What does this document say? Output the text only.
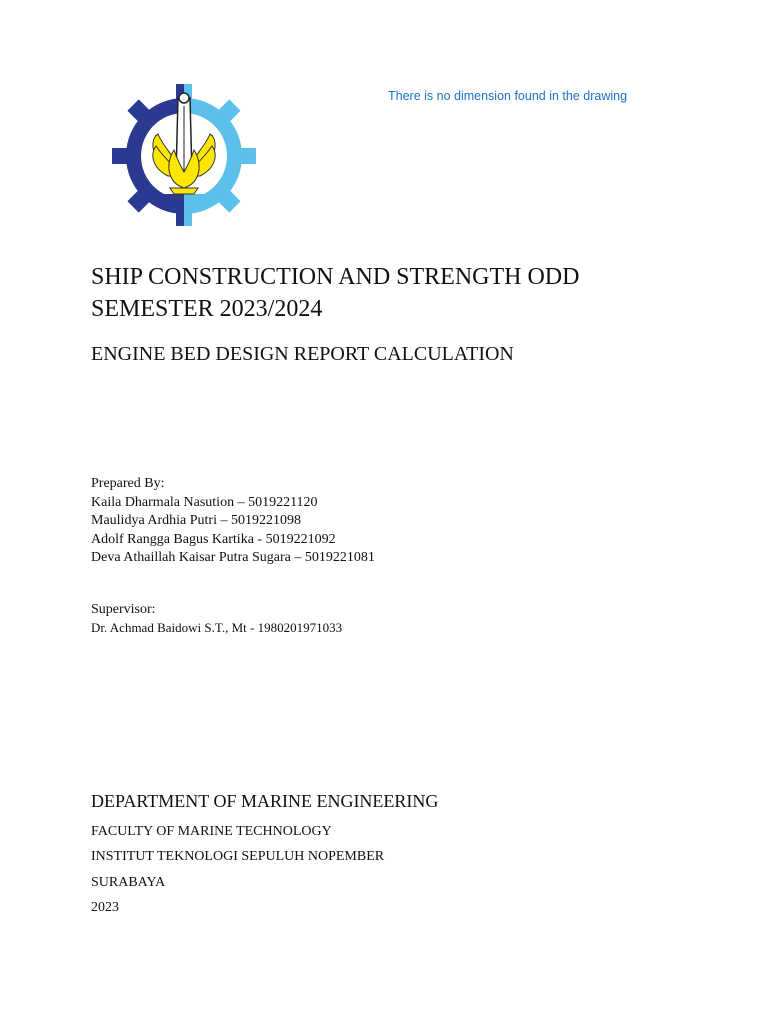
There is no dimension found in the drawing
SHIP CONSTRUCTION AND STRENGTH ODD SEMESTER 2023/2024
ENGINE BED DESIGN REPORT CALCULATION
Prepared By:
Kaila Dharmala Nasution – 5019221120
Maulidya Ardhia Putri – 5019221098
Adolf Rangga Bagus Kartika - 5019221092
Deva Athaillah Kaisar Putra Sugara – 5019221081
Supervisor:
Dr. Achmad Baidowi S.T., Mt - 1980201971033
DEPARTMENT OF MARINE ENGINEERING
FACULTY OF MARINE TECHNOLOGY
INSTITUT TEKNOLOGI SEPULUH NOPEMBER
SURABAYA
2023
